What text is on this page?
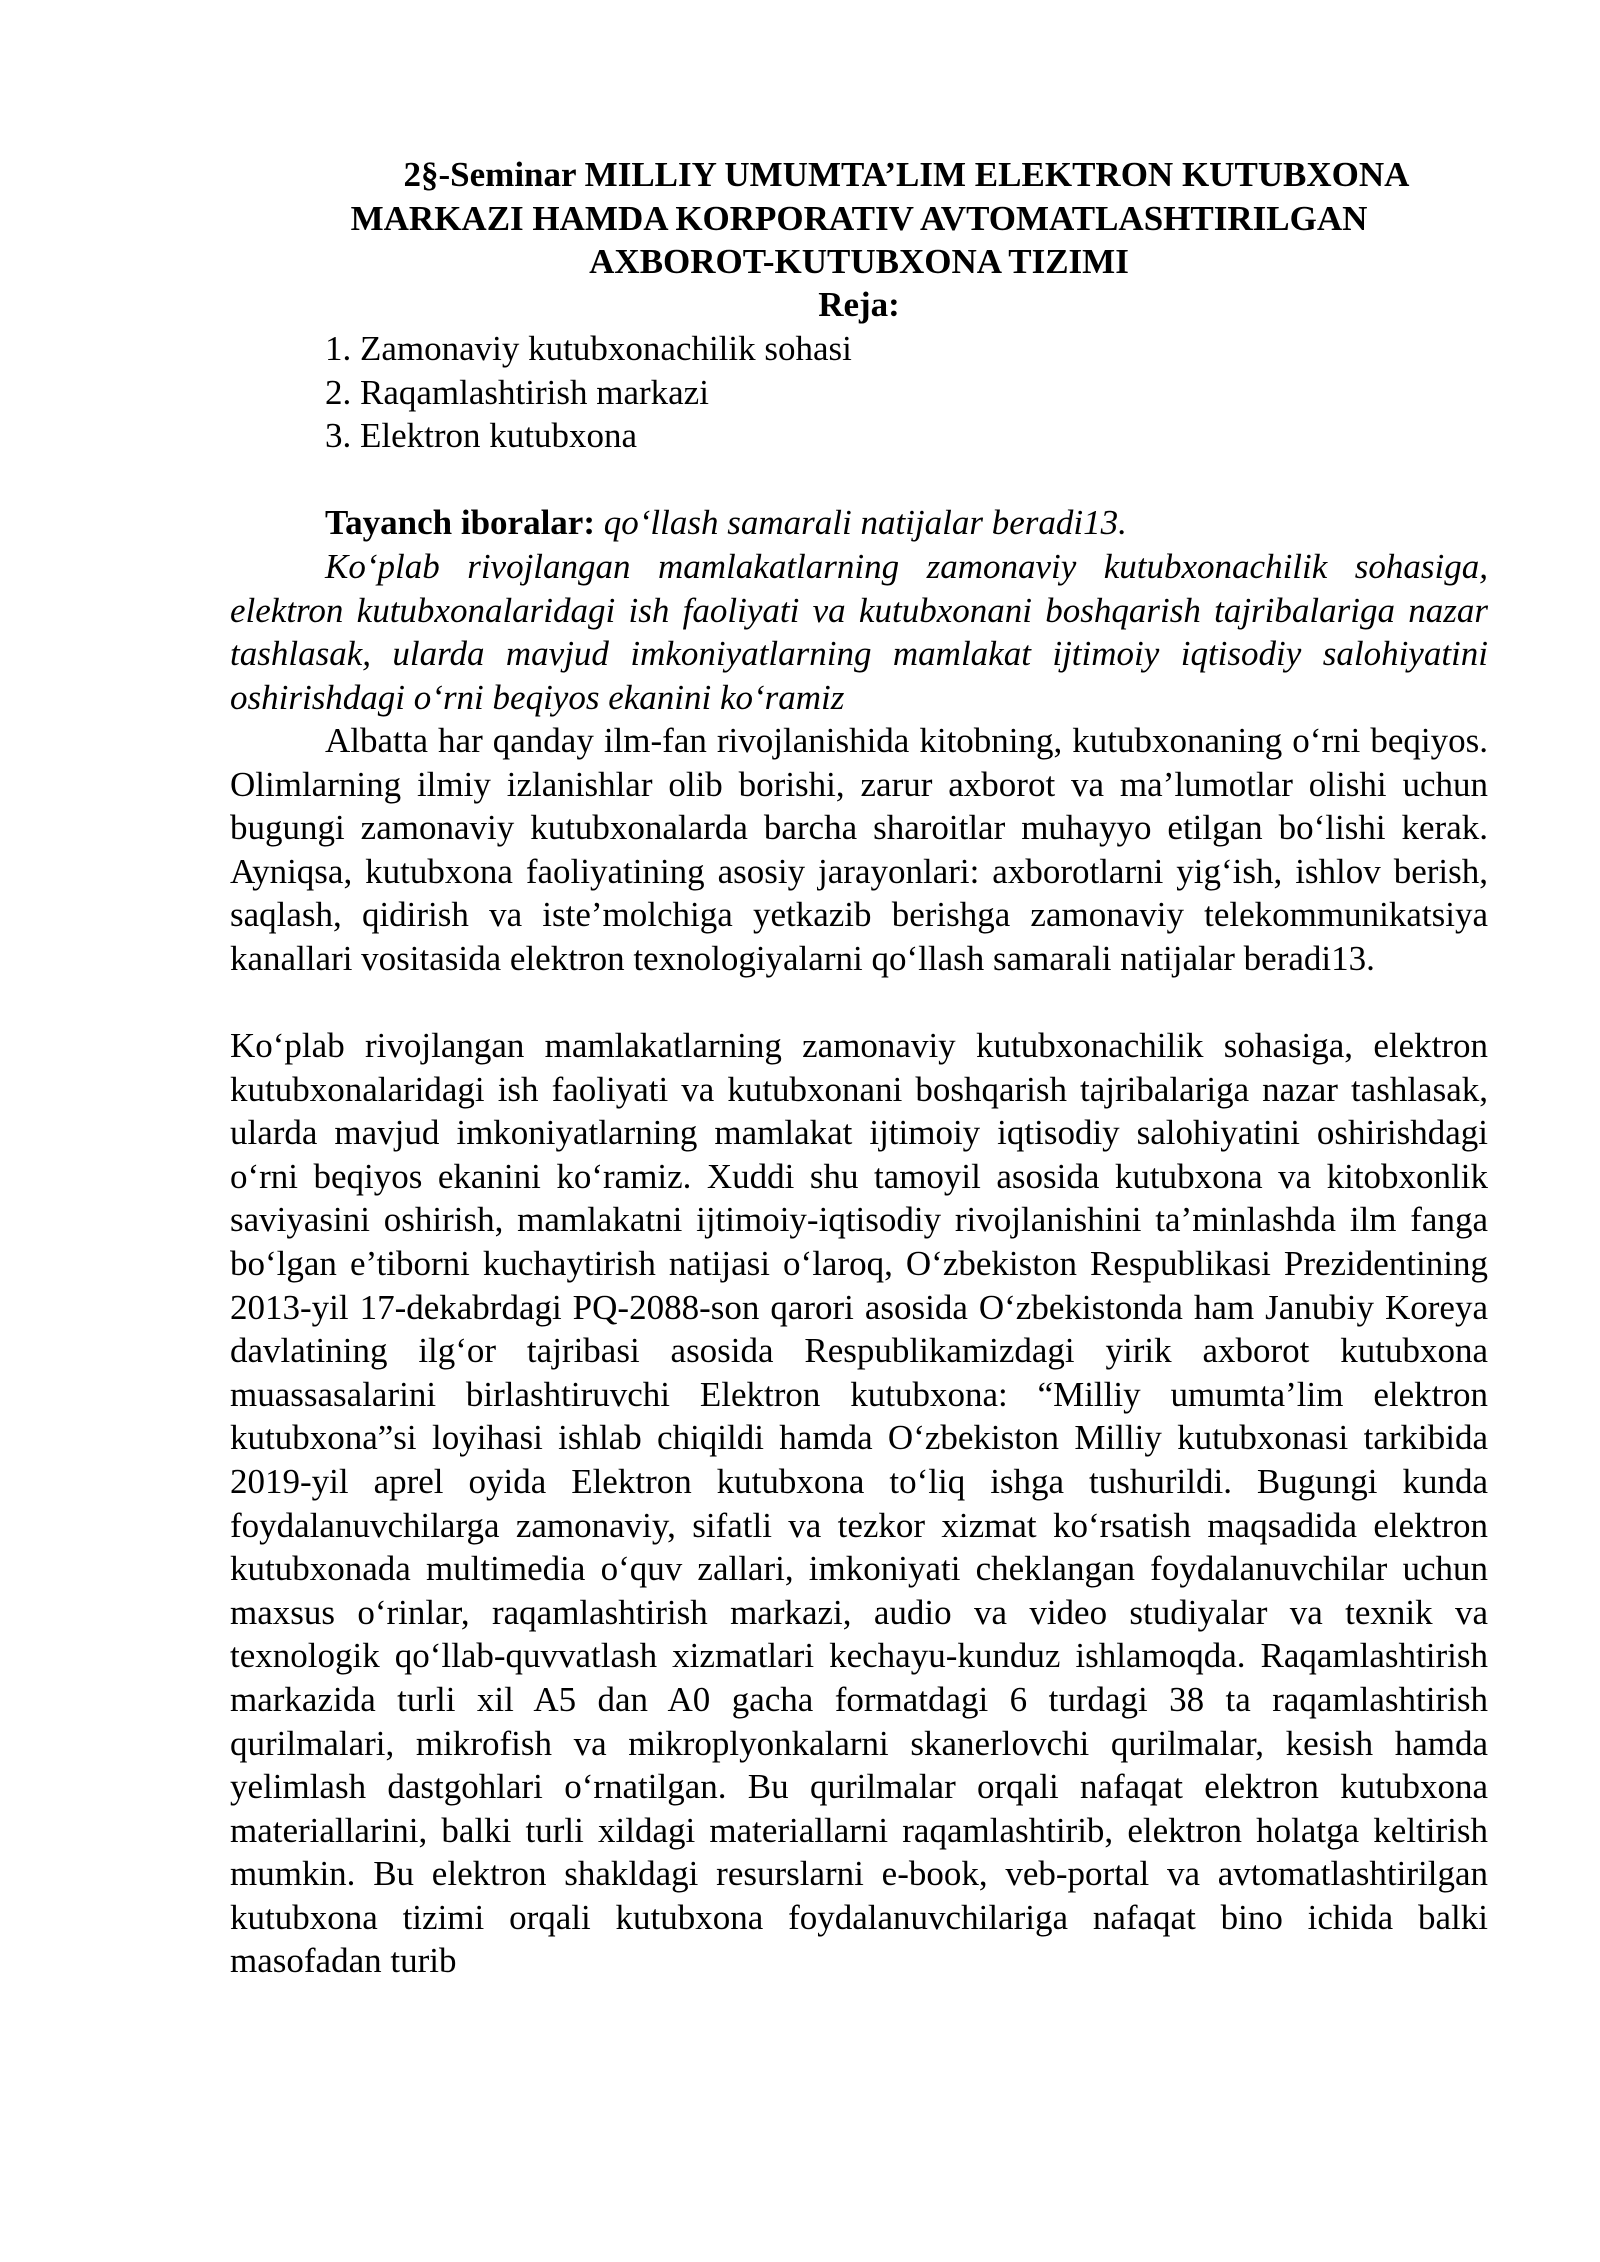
2§-Seminar MILLIY UMUMTA’LIM ELEKTRON KUTUBXONA
MARKAZI HAMDA KORPORATIV AVTOMATLASHTIRILGAN
AXBOROT-KUTUBXONA TIZIMI
Reja:
1. Zamonaviy kutubxonachilik sohasi
2. Raqamlashtirish markazi
3. Elektron kutubxona
Tayanch iboralar: qo‘llash samarali natijalar beradi13.

Ko‘plab rivojlangan mamlakatlarning zamonaviy kutubxonachilik sohasiga, elektron kutubxonalaridagi ish faoliyati va kutubxonani boshqarish tajribalariga nazar tashlasak, ularda mavjud imkoniyatlarning mamlakat ijtimoiy iqtisodiy salohiyatini oshirishdagi o‘rni beqiyos ekanini ko‘ramiz

Albatta har qanday ilm-fan rivojlanishida kitobning, kutubxonaning o‘rni beqiyos. Olimlarning ilmiy izlanishlar olib borishi, zarur axborot va ma’lumotlar olishi uchun bugungi zamonaviy kutubxonalarda barcha sharoitlar muhayyo etilgan bo‘lishi kerak. Ayniqsa, kutubxona faoliyatining asosiy jarayonlari: axborotlarni yig‘ish, ishlov berish, saqlash, qidirish va iste’molchiga yetkazib berishga zamonaviy telekommunikatsiya kanallari vositasida elektron texnologiyalarni qo‘llash samarali natijalar beradi13.

Ko‘plab rivojlangan mamlakatlarning zamonaviy kutubxonachilik sohasiga, elektron kutubxonalaridagi ish faoliyati va kutubxonani boshqarish tajribalariga nazar tashlasak, ularda mavjud imkoniyatlarning mamlakat ijtimoiy iqtisodiy salohiyatini oshirishdagi o‘rni beqiyos ekanini ko‘ramiz. Xuddi shu tamoyil asosida kutubxona va kitobxonlik saviyasini oshirish, mamlakatni ijtimoiy-iqtisodiy rivojlanishini ta’minlashda ilm fanga bo‘lgan e’tiborni kuchaytirish natijasi o‘laroq, O‘zbekiston Respublikasi Prezidentining 2013-yil 17-dekabrdagi PQ-2088-son qarori asosida O‘zbekistonda ham Janubiy Koreya davlatining ilg‘or tajribasi asosida Respublikamizdagi yirik axborot kutubxona muassasalarini birlashtiruvchi Elektron kutubxona: “Milliy umumta’lim elektron kutubxona”si loyihasi ishlab chiqildi hamda O‘zbekiston Milliy kutubxonasi tarkibida 2019-yil aprel oyida Elektron kutubxona to‘liq ishga tushurildi. Bugungi kunda foydalanuvchilarga zamonaviy, sifatli va tezkor xizmat ko‘rsatish maqsadida elektron kutubxonada multimedia o‘quv zallari, imkoniyati cheklangan foydalanuvchilar uchun maxsus o‘rinlar, raqamlashtirish markazi, audio va video studiyalar va texnik va texnologik qo‘llab-quvvatlash xizmatlari kechayu-kunduz ishlamoqda. Raqamlashtirish markazida turli xil A5 dan A0 gacha formatdagi 6 turdagi 38 ta raqamlashtirish qurilmalari, mikrofish va mikroplyonkalarni skanerlovchi qurilmalar, kesish hamda yelimlash dastgohlari o‘rnatilgan. Bu qurilmalar orqali nafaqat elektron kutubxona materiallarini, balki turli xildagi materiallarni raqamlashtirib, elektron holatga keltirish mumkin. Bu elektron shakldagi resurslarni e-book, veb-portal va avtomatlashtirilgan kutubxona tizimi orqali kutubxona foydalanuvchilariga nafaqat bino ichida balki masofadan turib
